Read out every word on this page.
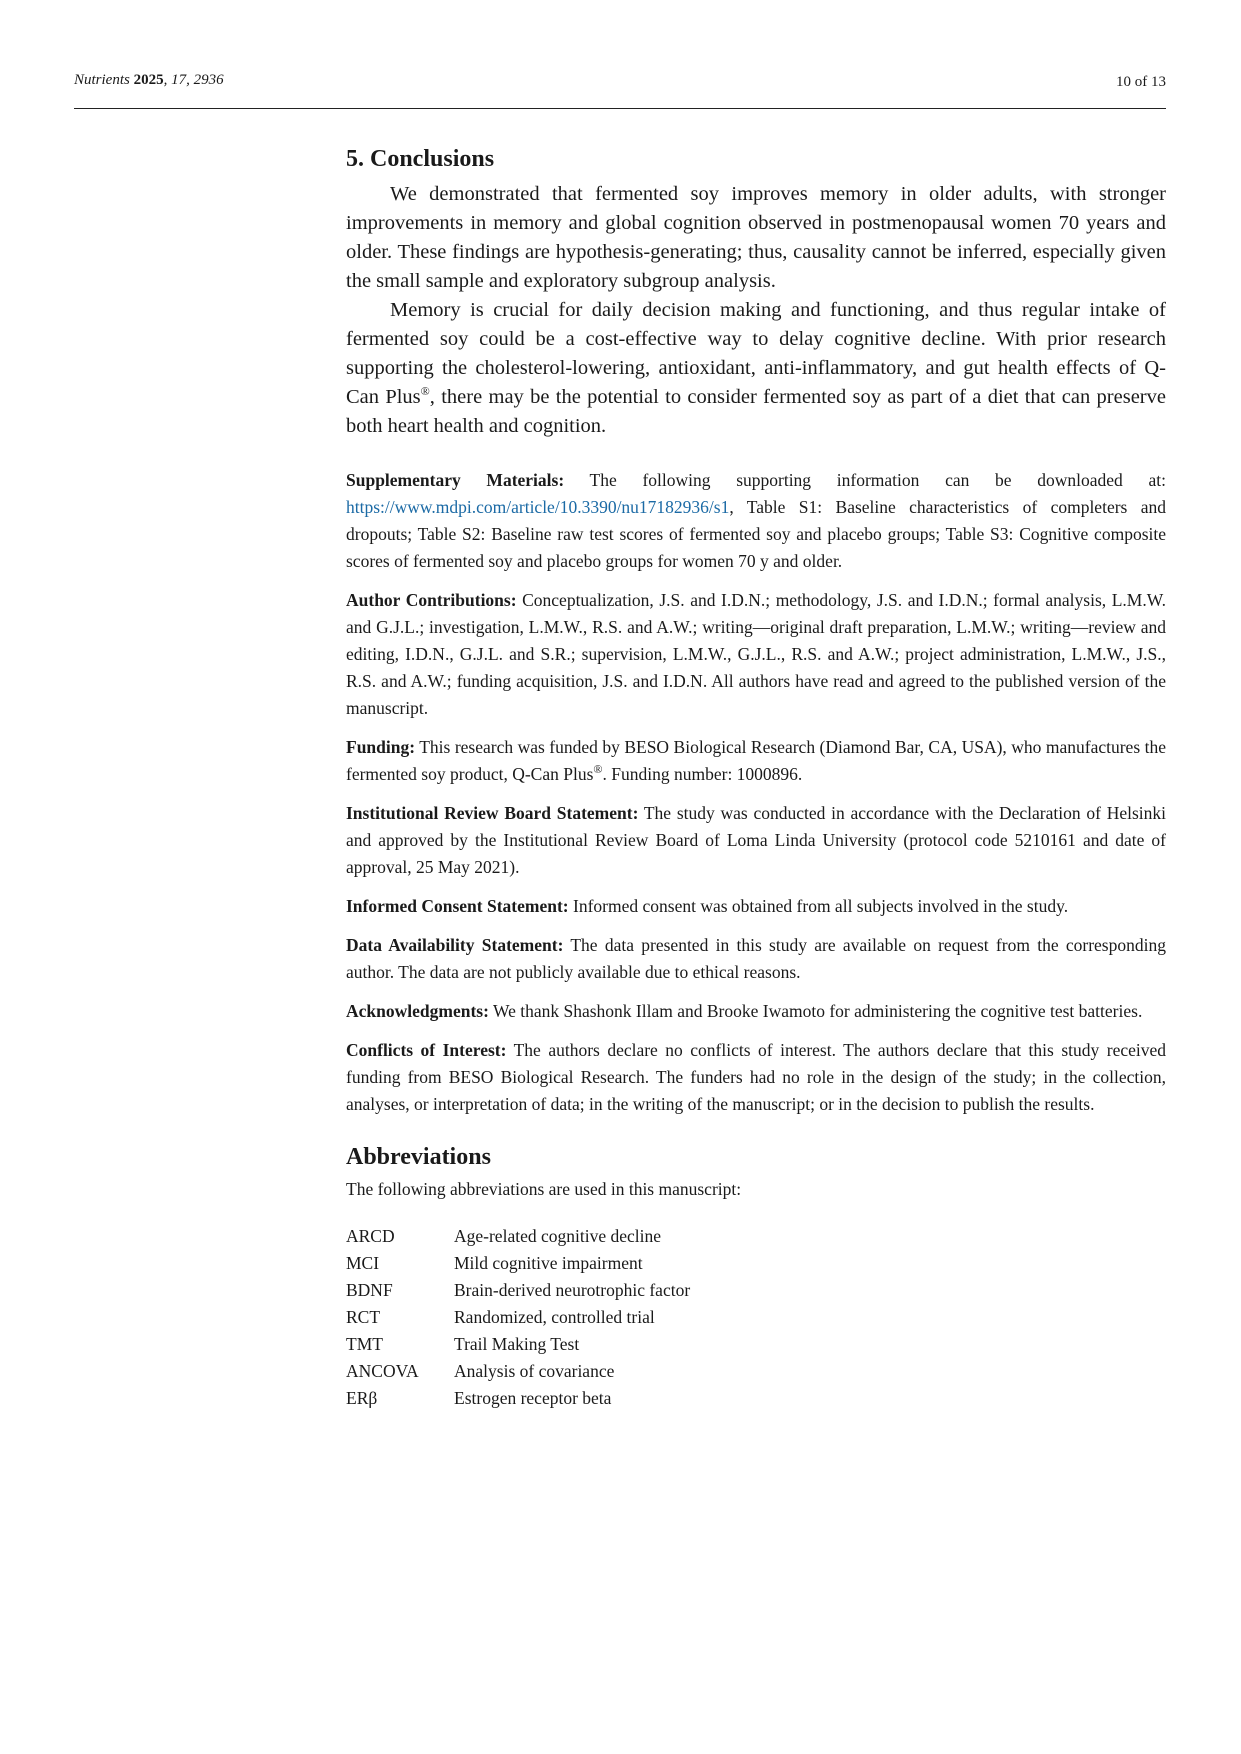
Nutrients 2025, 17, 2936	10 of 13
5. Conclusions

We demonstrated that fermented soy improves memory in older adults, with stronger improvements in memory and global cognition observed in postmenopausal women 70 years and older. These findings are hypothesis-generating; thus, causality cannot be inferred, especially given the small sample and exploratory subgroup analysis.

Memory is crucial for daily decision making and functioning, and thus regular intake of fermented soy could be a cost-effective way to delay cognitive decline. With prior research supporting the cholesterol-lowering, antioxidant, anti-inflammatory, and gut health effects of Q-Can Plus®, there may be the potential to consider fermented soy as part of a diet that can preserve both heart health and cognition.

Supplementary Materials: The following supporting information can be downloaded at: https://www.mdpi.com/article/10.3390/nu17182936/s1, Table S1: Baseline characteristics of completers and dropouts; Table S2: Baseline raw test scores of fermented soy and placebo groups; Table S3: Cognitive composite scores of fermented soy and placebo groups for women 70 y and older.

Author Contributions: Conceptualization, J.S. and I.D.N.; methodology, J.S. and I.D.N.; formal analysis, L.M.W. and G.J.L.; investigation, L.M.W., R.S. and A.W.; writing—original draft preparation, L.M.W.; writing—review and editing, I.D.N., G.J.L. and S.R.; supervision, L.M.W., G.J.L., R.S. and A.W.; project administration, L.M.W., J.S., R.S. and A.W.; funding acquisition, J.S. and I.D.N. All authors have read and agreed to the published version of the manuscript.

Funding: This research was funded by BESO Biological Research (Diamond Bar, CA, USA), who manufactures the fermented soy product, Q-Can Plus®. Funding number: 1000896.

Institutional Review Board Statement: The study was conducted in accordance with the Declaration of Helsinki and approved by the Institutional Review Board of Loma Linda University (protocol code 5210161 and date of approval, 25 May 2021).

Informed Consent Statement: Informed consent was obtained from all subjects involved in the study.

Data Availability Statement: The data presented in this study are available on request from the corresponding author. The data are not publicly available due to ethical reasons.

Acknowledgments: We thank Shashonk Illam and Brooke Iwamoto for administering the cognitive test batteries.

Conflicts of Interest: The authors declare no conflicts of interest. The authors declare that this study received funding from BESO Biological Research. The funders had no role in the design of the study; in the collection, analyses, or interpretation of data; in the writing of the manuscript; or in the decision to publish the results.

Abbreviations

The following abbreviations are used in this manuscript:

ARCD	Age-related cognitive decline
MCI	Mild cognitive impairment
BDNF	Brain-derived neurotrophic factor
RCT	Randomized, controlled trial
TMT	Trail Making Test
ANCOVA	Analysis of covariance
ERβ	Estrogen receptor beta
